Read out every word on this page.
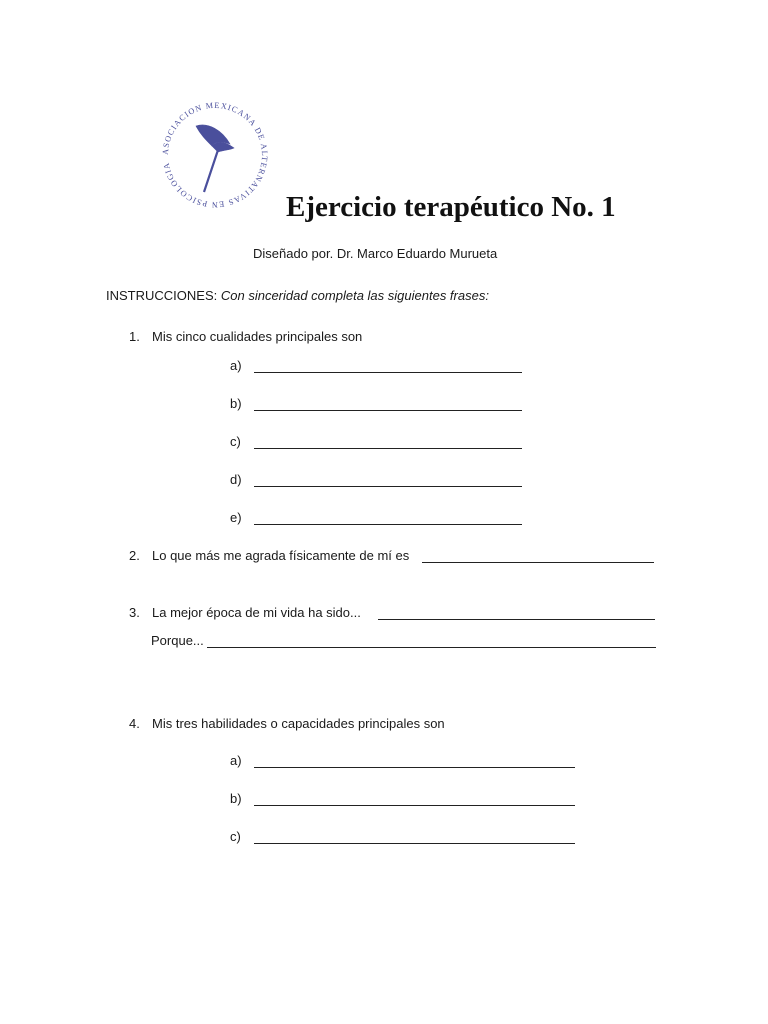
ASOCIACION MEXICANA DE ALTERNATIVAS EN PSICOLOGIA
Ejercicio terapéutico No. 1
Diseñado por. Dr. Marco Eduardo Murueta
INSTRUCCIONES: Con sinceridad completa las siguientes frases:
1. Mis cinco cualidades principales son
a)
b)
c)
d)
e)
2. Lo que más me agrada físicamente de mí es
3. La mejor época de mi vida ha sido...
Porque...
4. Mis tres habilidades o capacidades principales son
a)
b)
c)
